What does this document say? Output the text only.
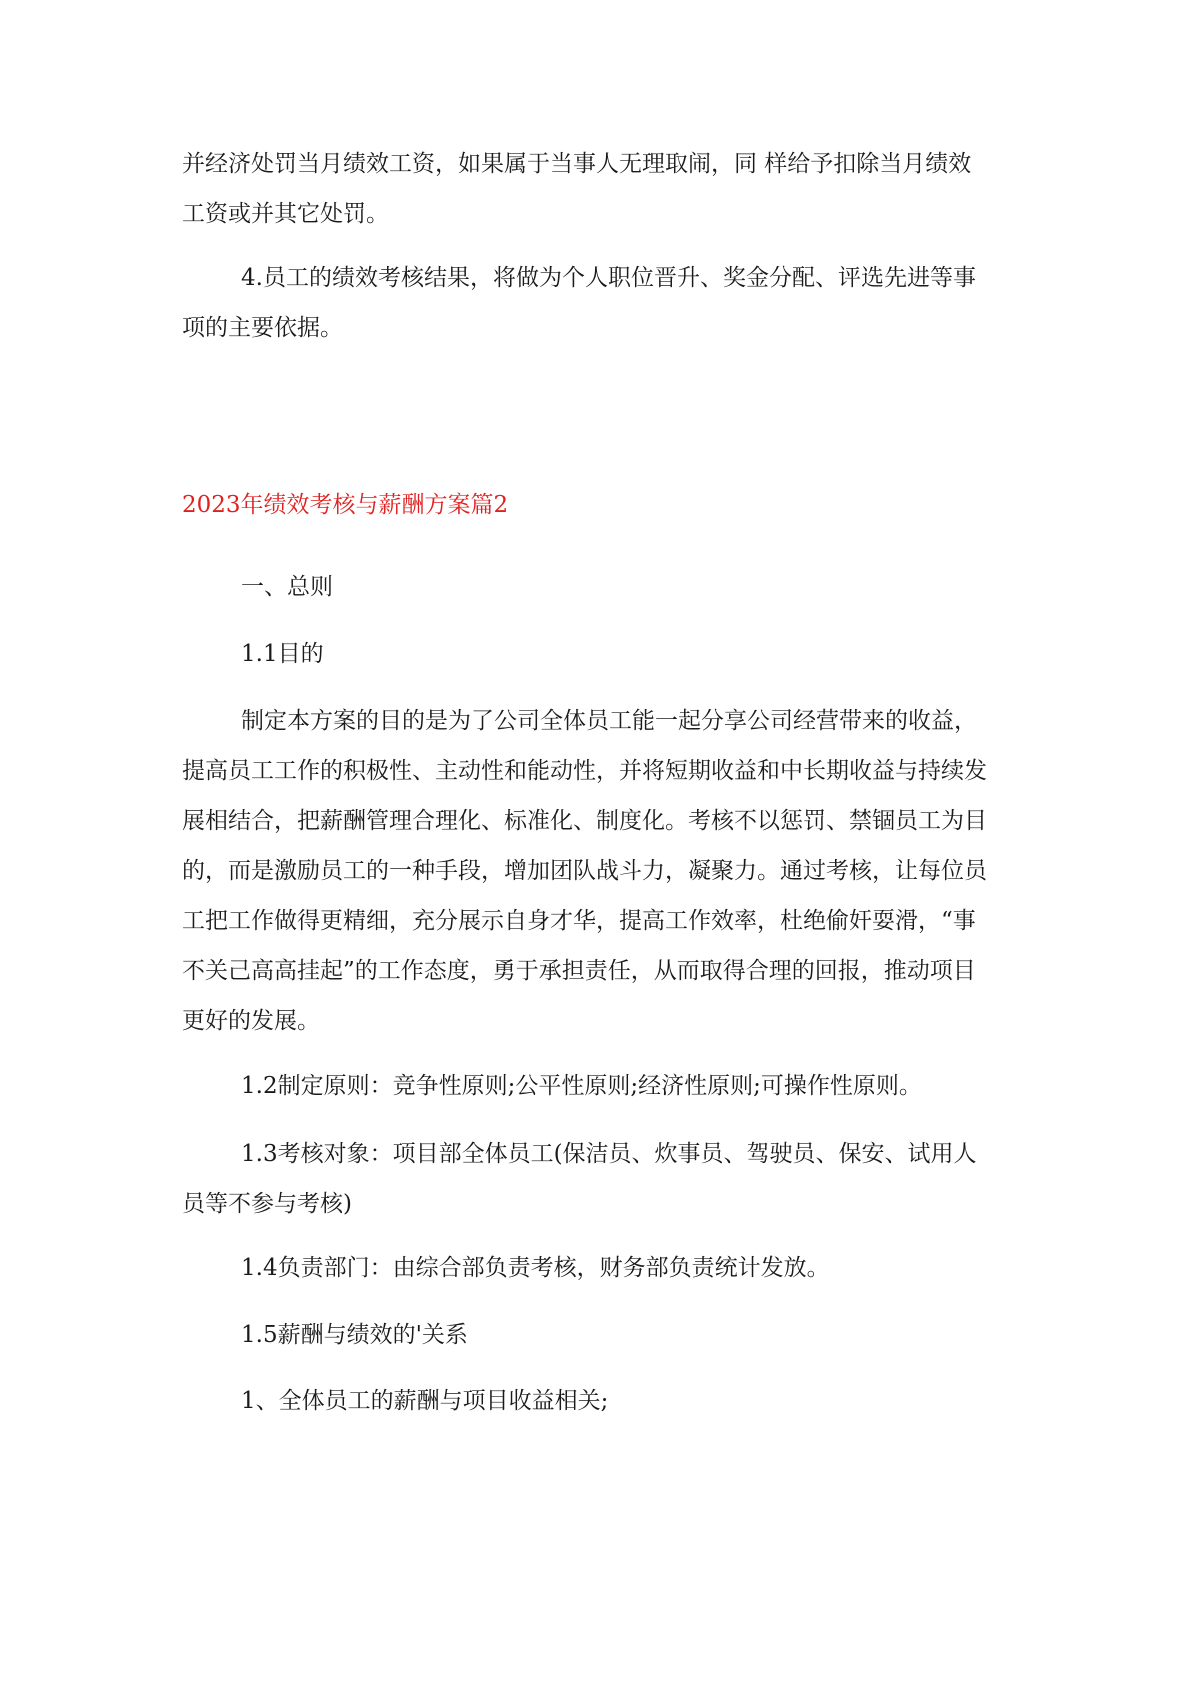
并经济处罚当月绩效工资，如果属于当事人无理取闹，同 样给予扣除当月绩效
工资或并其它处罚。
4.员工的绩效考核结果，将做为个人职位晋升、奖金分配、评选先进等事
项的主要依据。
2023年绩效考核与薪酬方案篇2
一、总则
1.1目的
制定本方案的目的是为了公司全体员工能一起分享公司经营带来的收益，
提高员工工作的积极性、主动性和能动性，并将短期收益和中长期收益与持续发
展相结合，把薪酬管理合理化、标准化、制度化。考核不以惩罚、禁锢员工为目
的，而是激励员工的一种手段，增加团队战斗力，凝聚力。通过考核，让每位员
工把工作做得更精细，充分展示自身才华，提高工作效率，杜绝偷奸耍滑，“事
不关己高高挂起”的工作态度，勇于承担责任，从而取得合理的回报，推动项目
更好的发展。
1.2制定原则：竞争性原则;公平性原则;经济性原则;可操作性原则。
1.3考核对象：项目部全体员工(保洁员、炊事员、驾驶员、保安、试用人
员等不参与考核)
1.4负责部门：由综合部负责考核，财务部负责统计发放。
1.5薪酬与绩效的'关系
1、全体员工的薪酬与项目收益相关;
